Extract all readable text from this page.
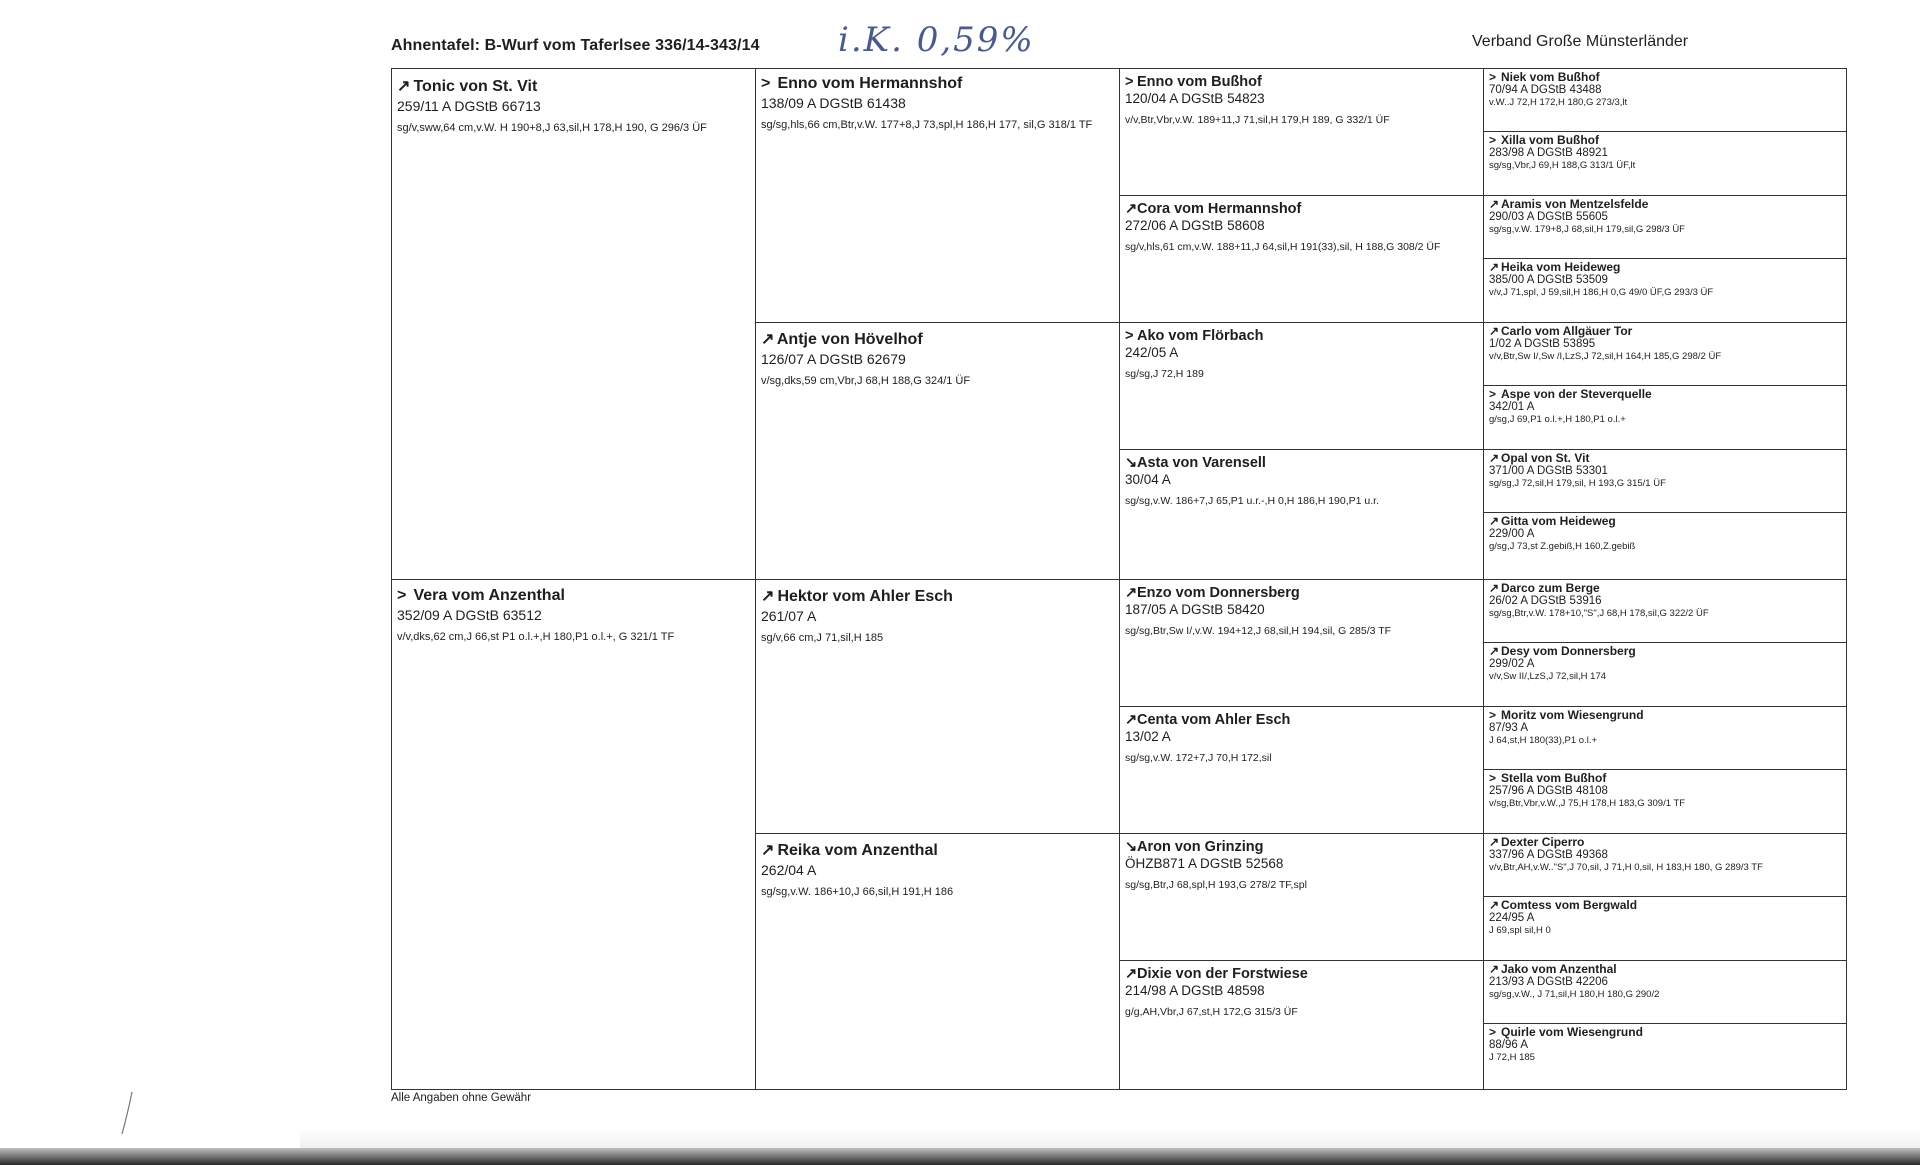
Ahnentafel: B-Wurf vom Taferlsee 336/14-343/14 i.K. 0,59%	Verband Große Münsterländer
↗ Tonic von St. Vit
259/11 A DGStB 66713
sg/v,sww,64 cm,v.W. H 190+8,J 63,sil,H 178,H 190, G 296/3 ÜF
> Vera vom Anzenthal
352/09 A DGStB 63512
v/v,dks,62 cm,J 66,st P1 o.l.+,H 180,P1 o.l.+, G 321/1 TF
> Enno vom Hermannshof
138/09 A DGStB 61438
sg/sg,hls,66 cm,Btr,v.W. 177+8,J 73,spl,H 186,H 177, sil,G 318/1 TF
↗ Antje von Hövelhof
126/07 A DGStB 62679
v/sg,dks,59 cm,Vbr,J 68,H 188,G 324/1 ÜF
↗ Hektor vom Ahler Esch
261/07 A
sg/v,66 cm,J 71,sil,H 185
↗ Reika vom Anzenthal
262/04 A
sg/sg,v.W. 186+10,J 66,sil,H 191,H 186
> Enno vom Bußhof
120/04 A DGStB 54823
v/v,Btr,Vbr,v.W. 189+11,J 71,sil,H 179,H 189, G 332/1 ÜF
↗Cora vom Hermannshof
272/06 A DGStB 58608
sg/v,hls,61 cm,v.W. 188+11,J 64,sil,H 191(33),sil, H 188,G 308/2 ÜF
> Ako vom Flörbach
242/05 A
sg/sg,J 72,H 189
↘Asta von Varensell
30/04 A
sg/sg,v.W. 186+7,J 65,P1 u.r.-,H 0,H 186,H 190,P1 u.r.
↗Enzo vom Donnersberg
187/05 A DGStB 58420
sg/sg,Btr,Sw I/,v.W. 194+12,J 68,sil,H 194,sil, G 285/3 TF
↗Centa vom Ahler Esch
13/02 A
sg/sg,v.W. 172+7,J 70,H 172,sil
↘Aron von Grinzing
ÖHZB871 A DGStB 52568
sg/sg,Btr,J 68,spl,H 193,G 278/2 TF,spl
↗Dixie von der Forstwiese
214/98 A DGStB 48598
g/g,AH,Vbr,J 67,st,H 172,G 315/3 ÜF
> Niek vom Bußhof
70/94 A DGStB 43488
v.W..J 72,H 172,H 180,G 273/3,lt
> Xilla vom Bußhof
283/98 A DGStB 48921
sg/sg,Vbr,J 69,H 188,G 313/1 ÜF,lt
↗ Aramis von Mentzelsfelde
290/03 A DGStB 55605
sg/sg,v.W. 179+8,J 68,sil,H 179,sil,G 298/3 ÜF
↗ Heika vom Heideweg
385/00 A DGStB 53509
v/v,J 71,spl, J 59,sil,H 186,H 0,G 49/0 ÜF,G 293/3 ÜF
↗ Carlo vom Allgäuer Tor
1/02 A DGStB 53895
v/v,Btr,Sw I/,Sw /I,LzS,J 72,sil,H 164,H 185,G 298/2 ÜF
> Aspe von der Steverquelle
342/01 A
g/sg,J 69,P1 o.l.+,H 180,P1 o.l.+
↗ Opal von St. Vit
371/00 A DGStB 53301
sg/sg,J 72,sil,H 179,sil, H 193,G 315/1 ÜF
↗ Gitta vom Heideweg
229/00 A
g/sg,J 73,st Z.gebiß,H 160,Z.gebiß
↗ Darco zum Berge
26/02 A DGStB 53916
sg/sg,Btr,v.W. 178+10,"S",J 68,H 178,sil,G 322/2 ÜF
↗ Desy vom Donnersberg
299/02 A
v/v,Sw II/,LzS,J 72,sil,H 174
> Moritz vom Wiesengrund
87/93 A
J 64,st,H 180(33),P1 o.l.+
> Stella vom Bußhof
257/96 A DGStB 48108
v/sg,Btr,Vbr,v.W.,J 75,H 178,H 183,G 309/1 TF
↗ Dexter Ciperro
337/96 A DGStB 49368
v/v,Btr,AH,v.W.."S",J 70,sil, J 71,H 0,sil, H 183,H 180, G 289/3 TF
↗ Comtess vom Bergwald
224/95 A
J 69,spl sil,H 0
↗ Jako vom Anzenthal
213/93 A DGStB 42206
sg/sg,v.W., J 71,sil,H 180,H 180,G 290/2
> Quirle vom Wiesengrund
88/96 A
J 72,H 185
Alle Angaben ohne Gewähr
